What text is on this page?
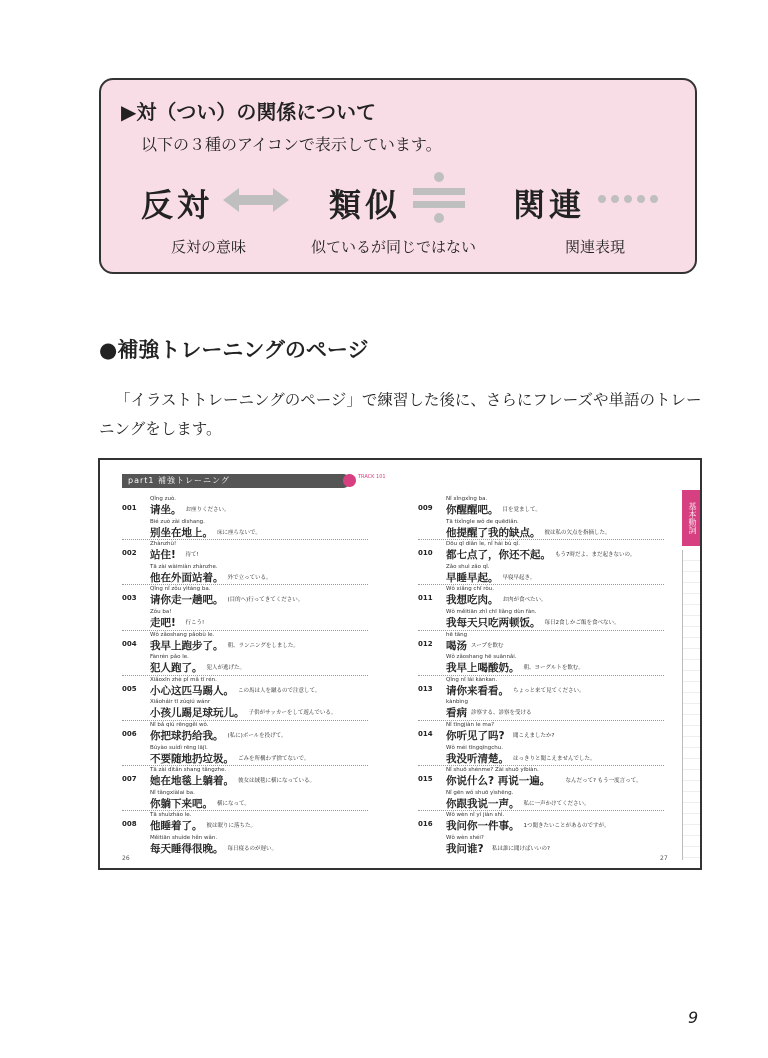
▶対（つい）の関係について
以下の３種のアイコンで表示しています。
反対
反対の意味
類似
似ているが同じではない
関連
関連表現
●補強トレーニングのページ
「イラストトレーニングのページ」で練習した後に、さらにフレーズや単語のトレーニングをします。
part1 補強トレーニング	TRACK 101
基本動詞
26	27
Qǐng zuò.
001 请坐。 お座りください。
Bié zuò zài dìshang.
别坐在地上。 床に座らないで。
Zhànzhù!
002 站住! 待て!
Tā zài wàimiàn zhànzhe.
他在外面站着。 外で立っている。
Qǐng nǐ zǒu yìtàng ba.
003 请你走一趟吧。 (目的へ)行ってきてください。
Zǒu ba!
走吧! 行こう!
Wǒ zǎoshang pǎobù le.
004 我早上跑步了。 朝、ランニングをしました。
Fànrén pǎo le.
犯人跑了。 犯人が逃げた。
Xiǎoxīn zhè pǐ mǎ tī rén.
005 小心这匹马踢人。 この馬は人を蹴るので注意して。
Xiǎoháir tī zúqiú wánr
小孩儿踢足球玩儿。 子供がサッカーをして遊んでいる。
Nǐ bǎ qiú rēnggěi wǒ.
006 你把球扔给我。 (私に)ボールを投げて。
Búyào suídì rēng lājī.
不要随地扔垃圾。 ごみを所構わず捨てないで。
Tā zài dìtǎn shang tǎngzhe.
007 她在地毯上躺着。 彼女は絨毯に横になっている。
Nǐ tǎngxiàlai ba.
你躺下来吧。 横になって。
Tā shuìzháo le.
008 他睡着了。 彼は眠りに落ちた。
Měitiān shuìde hěn wǎn.
每天睡得很晚。 毎日寝るのが遅い。
Nǐ xǐngxǐng ba.
009 你醒醒吧。 目を覚まして。
Tā tíxǐngle wǒ de quēdiǎn.
他提醒了我的缺点。 彼は私の欠点を指摘した。
Dōu qī diǎn le, nǐ hái bù qǐ.
010 都七点了，你还不起。 もう7時だよ、まだ起きないの。
Zǎo shuì zǎo qǐ.
早睡早起。 早寝早起き。
Wǒ xiǎng chī ròu.
011 我想吃肉。 お肉が食べたい。
Wǒ měitiān zhǐ chī liǎng dùn fàn.
我每天只吃两顿饭。 毎日2食しかご飯を食べない。
hē tāng
012 喝汤 スープを飲む
Wǒ zǎoshang hē suānnǎi.
我早上喝酸奶。 朝、ヨーグルトを飲む。
Qǐng nǐ lái kànkan.
013 请你来看看。 ちょっと来て見てください。
kànbìng
看病 診察する、診察を受ける
Nǐ tīngjiàn le ma?
014 你听见了吗? 聞こえましたか?
Wǒ méi tīngqīngchu.
我没听清楚。 はっきりと聞こえませんでした。
Nǐ shuō shénme? Zài shuō yíbiàn.
015 你说什么? 再说一遍。	なんだって? もう一度言って。
Nǐ gēn wǒ shuō yìshēng.
你跟我说一声。 私に一声かけてください。
Wǒ wèn nǐ yí jiàn shì.
016 我问你一件事。 1つ聞きたいことがあるのですが。
Wǒ wèn shéi?
我问谁? 私は誰に聞けばいいの?
9
